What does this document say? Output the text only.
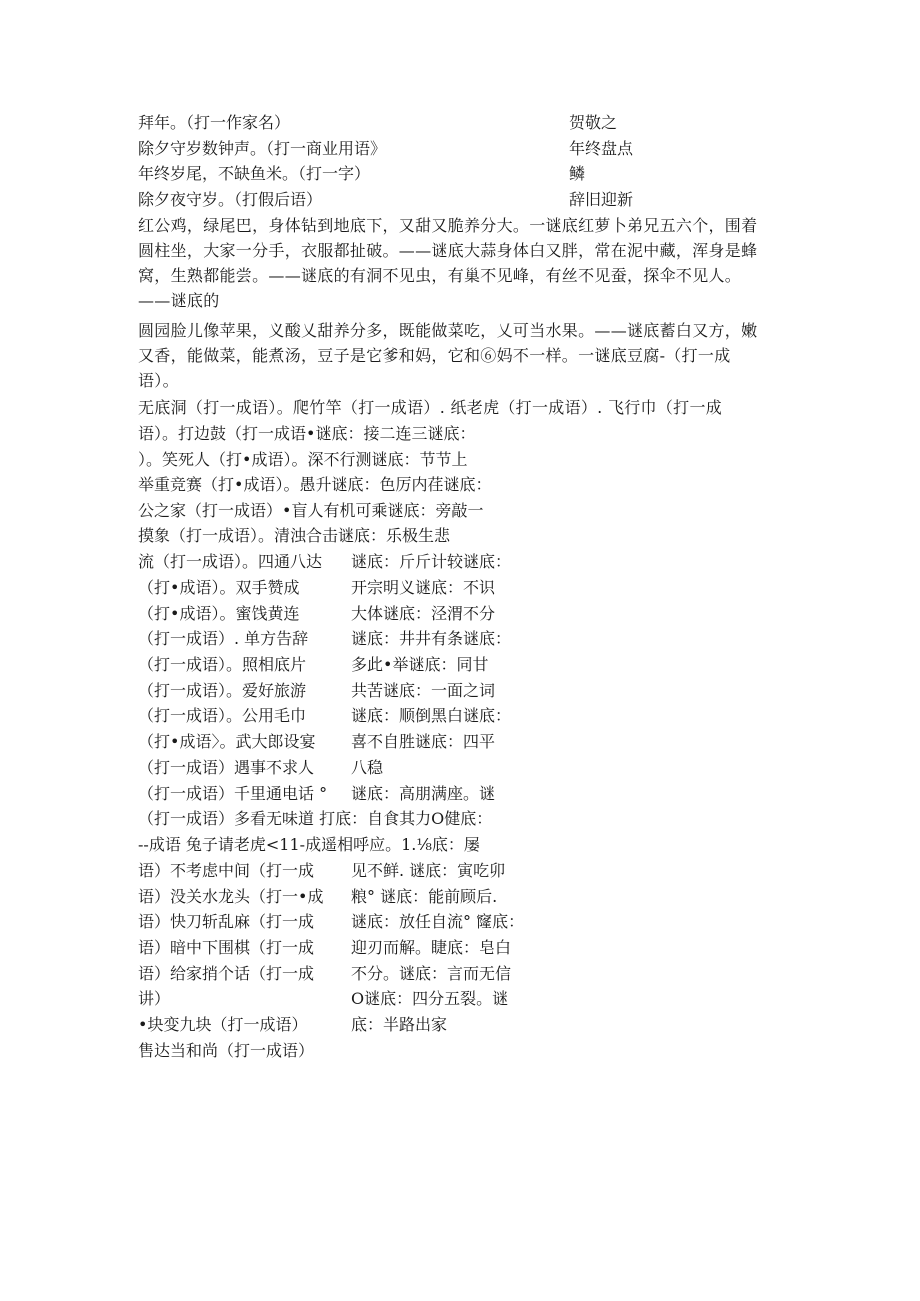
拜年。（打一作家名）	贺敬之
除夕守岁数钟声。（打一商业用语》	年终盘点
年终岁尾，不缺鱼米。（打一字）	鳞
除夕夜守岁。（打假后语）	辞旧迎新
红公鸡，绿尾巴，身体钻到地底下，又甜又脆养分大。一谜底红萝卜弟兄五六个，围着圆柱坐，大家一分手，衣服都扯破。——谜底大蒜身体白又胖，常在泥中藏，浑身是蜂窝，生熟都能尝。——谜底的有洞不见虫，有巢不见峰，有丝不见蚕，探伞不见人。——谜底的
圆园脸儿像苹果，义酸乂甜养分多，既能做菜吃，乂可当水果。——谜底蓄白又方，嫩又香，能做菜，能煮汤，豆子是它爹和妈，它和⑥妈不一样。一谜底豆腐-（打一成语）。
无底洞（打一成语）。爬竹竿（打一成语）. 纸老虎（打一成语）. 飞行巾（打一成
语）。打边鼓（打一成语•谜底：接二连三谜底：
）。笑死人（打•成语）。深不行测谜底：节节上
举重竞赛（打•成语）。愚升谜底：色厉内荏谜底：
公之家（打一成语）•盲人有机可乘谜底：旁敲一
摸象（打一成语）。清浊合击谜底：乐极生悲
流（打一成语）。四通八达
（打•成语）。双手赞成
（打•成语）。蜜饯黄连
（打一成语）. 单方告辞
（打一成语）。照相底片
（打一成语）。爱好旅游
（打一成语）。公用毛巾
（打•成语〉。武大郎设宴
（打一成语）遇事不求人
（打一成语）千里通电话 °
谜底：斤斤计较谜底：
开宗明义谜底：不识
大体谜底：泾渭不分
谜底：井井有条谜底：
多此•举谜底：同甘
共苦谜底：一面之词
谜底：顺倒黑白谜底：
喜不自胜谜底：四平
八稳
谜底：高朋满座。谜
（打一成语）多看无味道 打底：自食其力O健底：
--成语 兔子请老虎<11-成遥相呼应。1.⅛底：屡
语）不考虑中间（打一成
语）没关水龙头（打一•成
语）快刀斩乱麻（打一成
语）暗中下围棋（打一成
语）给家捎个话（打一成
讲）
•块变九块（打一成语）
售达当和尚（打一成语）
见不鲜. 谜底：寅吃卯
粮° 谜底：能前顾后.
谜底：放任自流° 窿底：
迎刃而解。睫底：皂白
不分。谜底：言而无信
O谜底：四分五裂。谜
底：半路出家
